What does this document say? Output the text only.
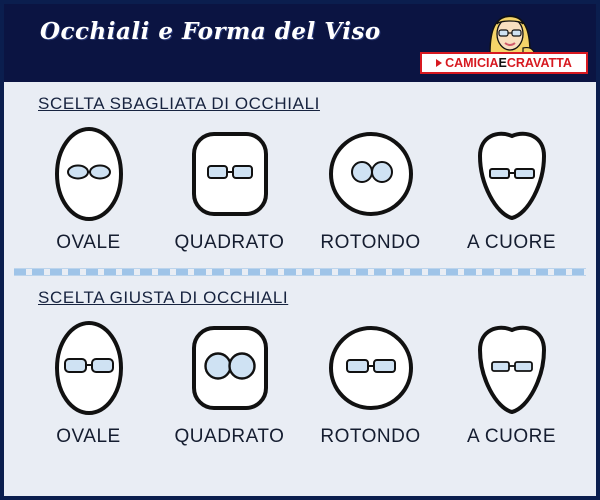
Occhiali e Forma del Viso
CAMICIAECRAVATTA
SCELTA SBAGLIATA DI OCCHIALI
OVALE	QUADRATO	ROTONDO	A CUORE
SCELTA GIUSTA DI OCCHIALI
OVALE	QUADRATO	ROTONDO	A CUORE
